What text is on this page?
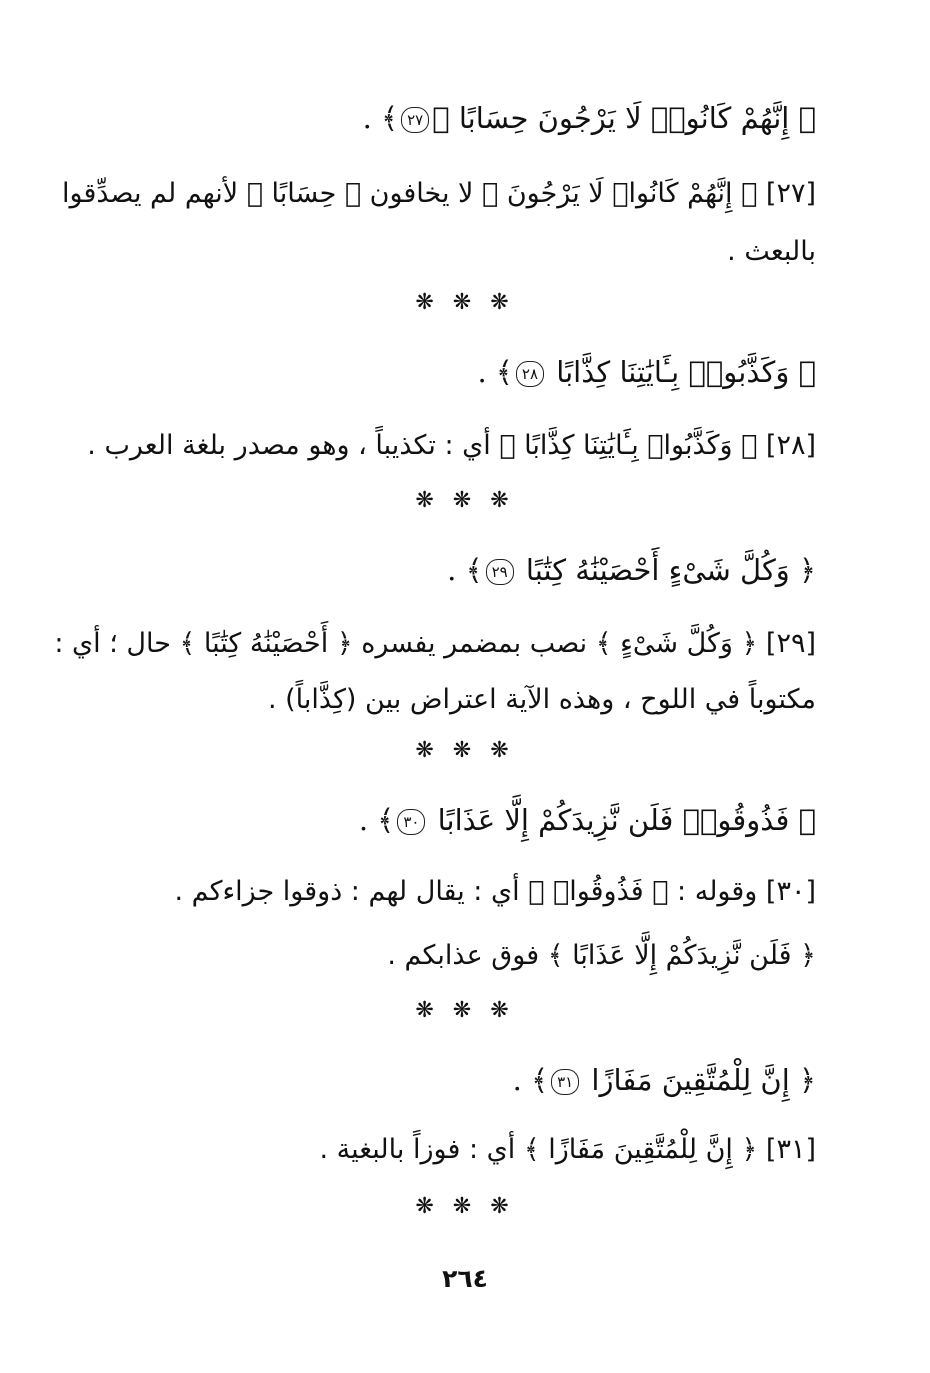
﴿ إِنَّهُمْ كَانُوا۟ لَا يَرْجُونَ حِسَابًا ﴾٢٧﴾ .
[٢٧] ﴿ إِنَّهُمْ كَانُوا۟ لَا يَرْجُونَ ﴾ لا يخافون ﴿ حِسَابًا ﴾ لأنهم لم يصدِّقوا
بالبعث .
❋ ❋ ❋
﴿ وَكَذَّبُوا۟ بِـَٔايَٰتِنَا كِذَّابًا ٢٨﴾ .
[٢٨] ﴿ وَكَذَّبُوا۟ بِـَٔايَٰتِنَا كِذَّابًا ﴾ أي : تكذيباً ، وهو مصدر بلغة العرب .
❋ ❋ ❋
﴿ وَكُلَّ شَىْءٍ أَحْصَيْنَٰهُ كِتَٰبًا ٢٩﴾ .
[٢٩] ﴿ وَكُلَّ شَىْءٍ ﴾ نصب بمضمر يفسره ﴿ أَحْصَيْنَٰهُ كِتَٰبًا ﴾ حال ؛ أي :
مكتوباً في اللوح ، وهذه الآية اعتراض بين (كِذَّاباً) .
❋ ❋ ❋
﴿ فَذُوقُوا۟ فَلَن نَّزِيدَكُمْ إِلَّا عَذَابًا ٣٠﴾ .
[٣٠] وقوله : ﴿ فَذُوقُوا۟ ﴾ أي : يقال لهم : ذوقوا جزاءكم .
﴿ فَلَن نَّزِيدَكُمْ إِلَّا عَذَابًا ﴾ فوق عذابكم .
❋ ❋ ❋
﴿ إِنَّ لِلْمُتَّقِينَ مَفَازًا ٣١﴾ .
[٣١] ﴿ إِنَّ لِلْمُتَّقِينَ مَفَازًا ﴾ أي : فوزاً بالبغية .
❋ ❋ ❋
٢٦٤
